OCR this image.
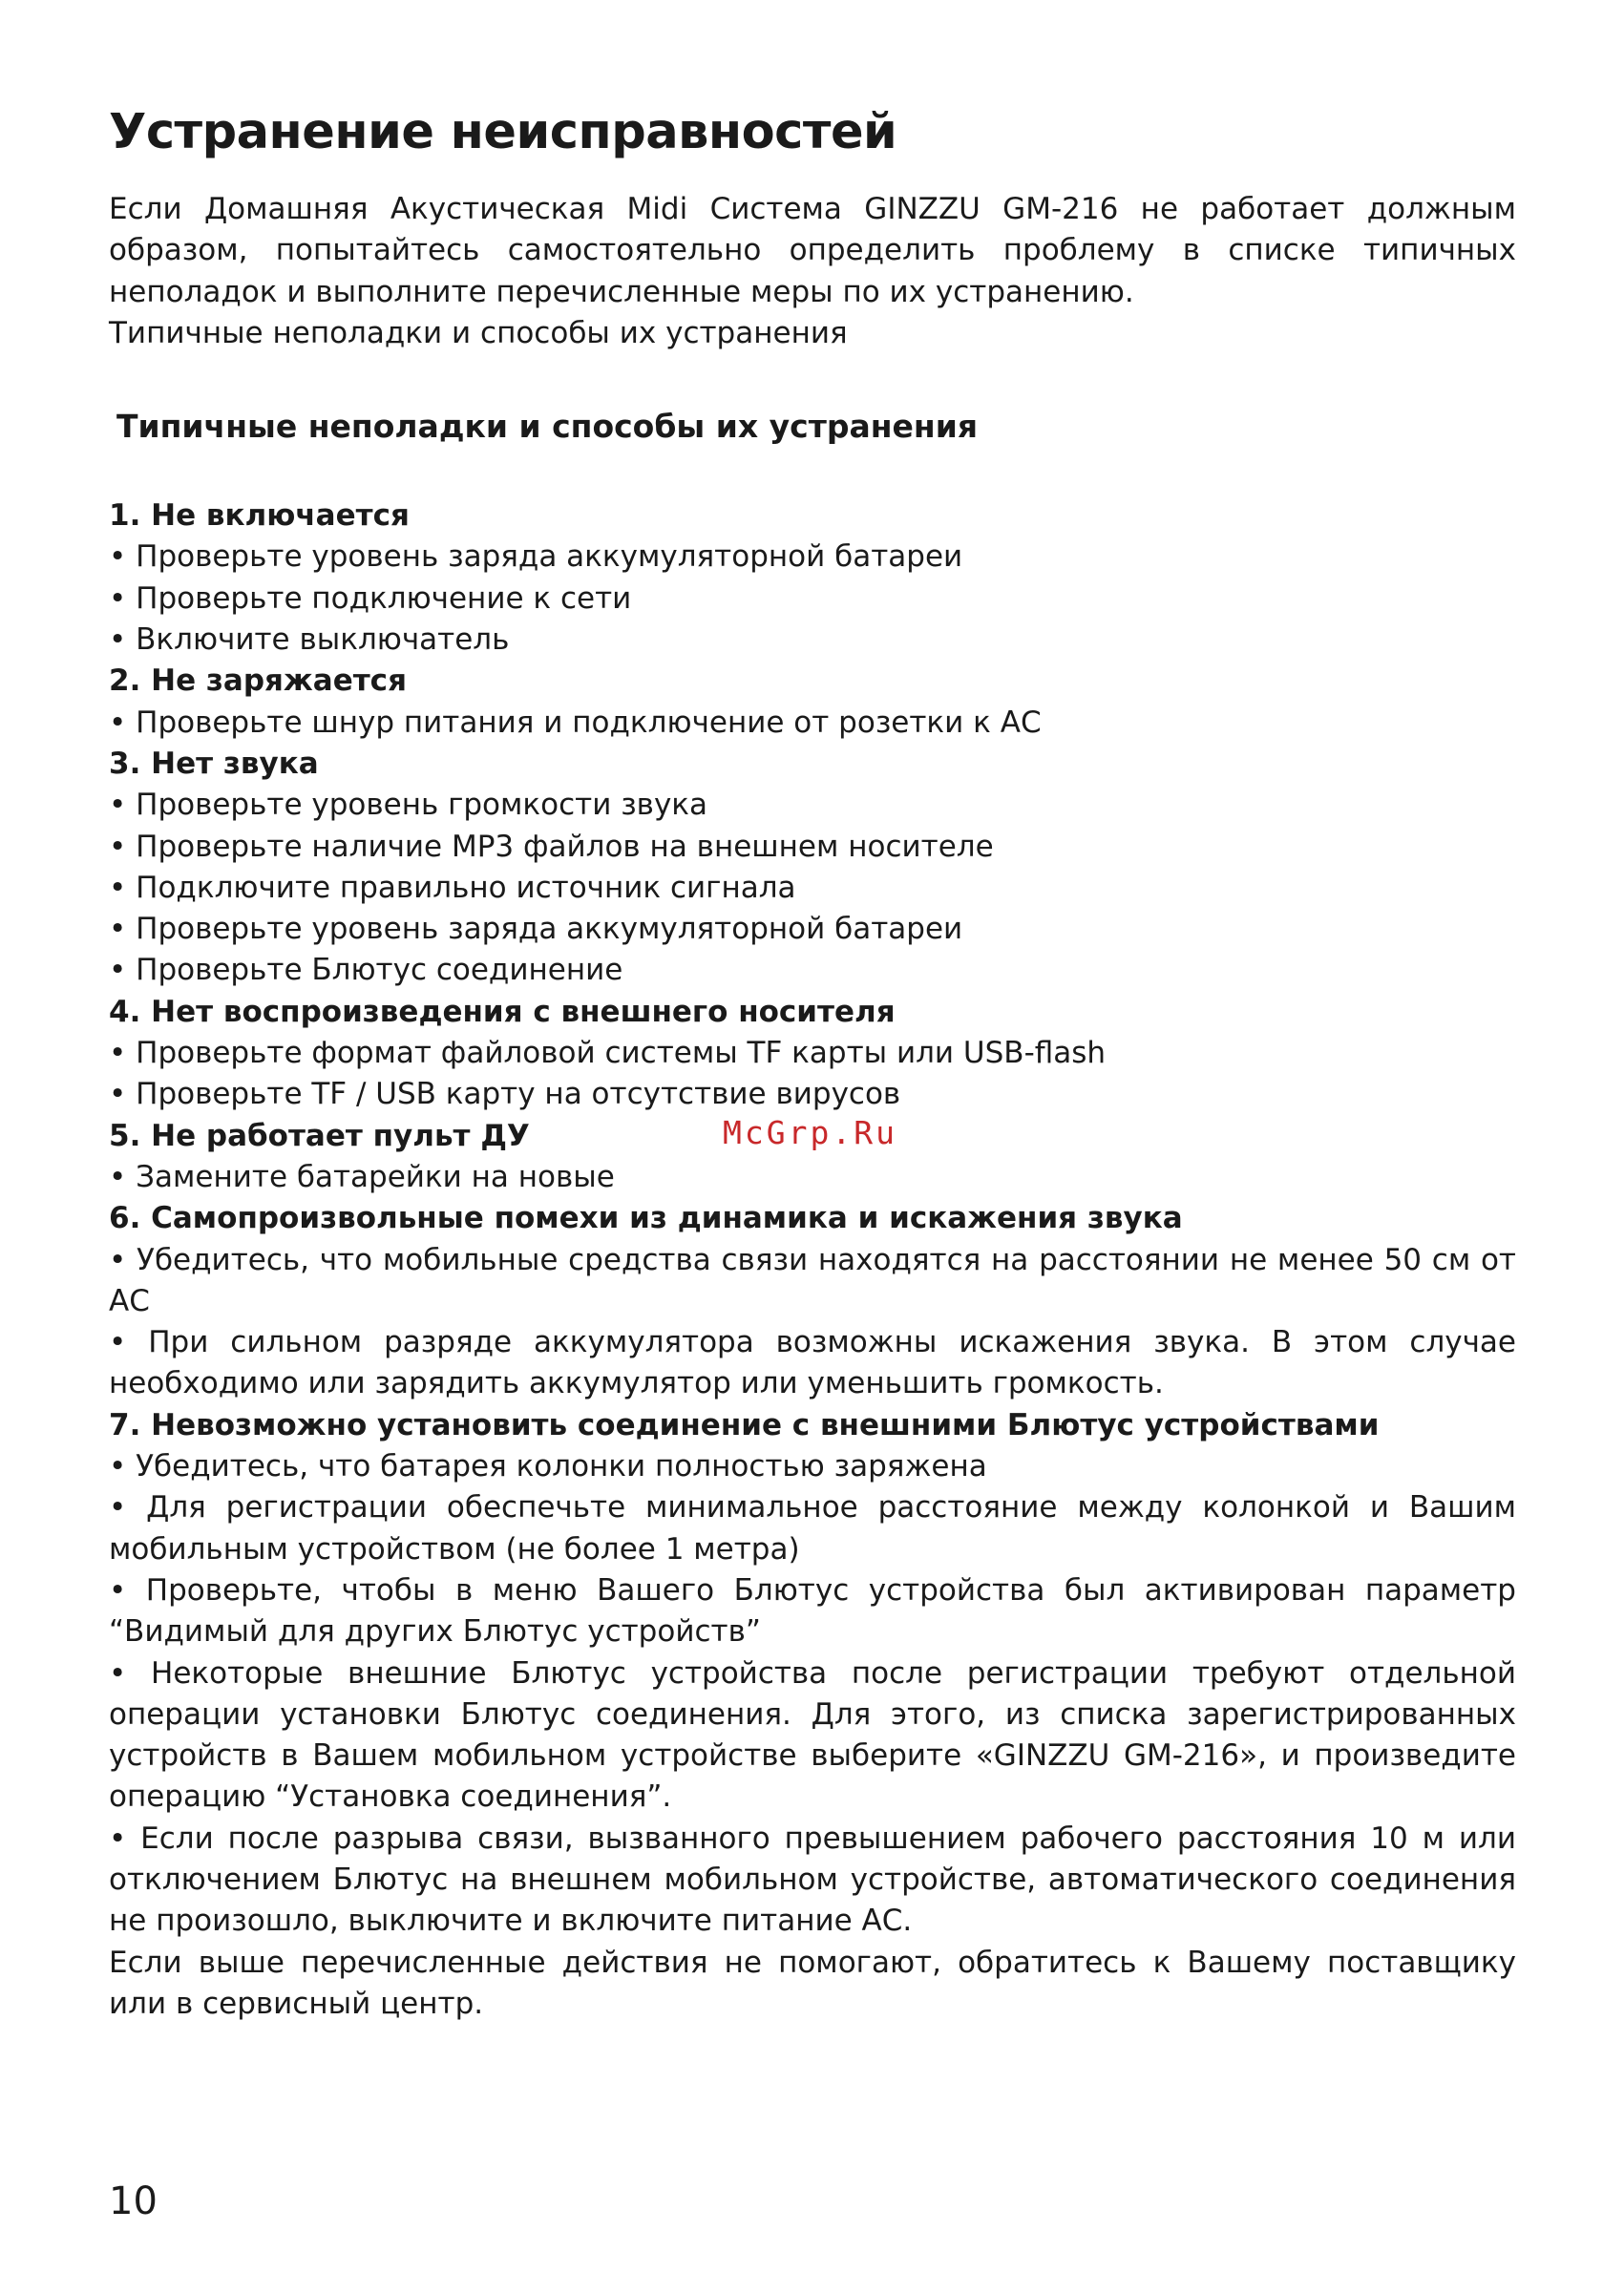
Устранение неисправностей

Если Домашняя Акустическая Midi Система GINZZU GM-216 не работает должным образом, попытайтесь самостоятельно определить проблему в списке типичных неполадок и выполните перечисленные меры по их устранению.

Типичные неполадки и способы их устранения

Типичные неполадки и способы их устранения

1. Не включается

• Проверьте уровень заряда аккумуляторной батареи

• Проверьте подключение к сети

• Включите выключатель

2. Не заряжается

• Проверьте шнур питания и подключение от розетки к АС

3. Нет звука

• Проверьте уровень громкости звука

• Проверьте наличие MP3 файлов на внешнем носителе

• Подключите правильно источник сигнала

• Проверьте уровень заряда аккумуляторной батареи

• Проверьте Блютус соединение

4. Нет воспроизведения с внешнего носителя

• Проверьте формат файловой системы TF карты или USB-flash

• Проверьте TF / USB карту на отсутствие вирусов

5. Не работает пульт ДУ

• Замените батарейки на новые

6. Самопроизвольные помехи из динамика и искажения звука

• Убедитесь, что мобильные средства связи находятся на расстоянии не менее 50 см от АС

• При сильном разряде аккумулятора возможны искажения звука. В этом случае необходимо или зарядить аккумулятор или уменьшить громкость.

7. Невозможно установить соединение с внешними Блютус устройствами

• Убедитесь, что батарея колонки полностью заряжена

• Для регистрации обеспечьте минимальное расстояние между колонкой и Вашим мобильным устройством (не более 1 метра)

• Проверьте, чтобы в меню Вашего Блютус устройства был активирован параметр “Видимый для других Блютус устройств”

• Некоторые внешние Блютус устройства после регистрации требуют отдельной операции установки Блютус соединения. Для этого, из списка зарегистрированных устройств в Вашем мобильном устройстве выберите «GINZZU GM-216», и произведите операцию “Установка соединения”.

• Если после разрыва связи, вызванного превышением рабочего расстояния 10 м или отключением Блютус на внешнем мобильном устройстве, автоматического соединения не произошло, выключите и включите питание АС.

Если выше перечисленные действия не помогают, обратитесь к Вашему поставщику или в сервисный центр.

McGrp.Ru
10
